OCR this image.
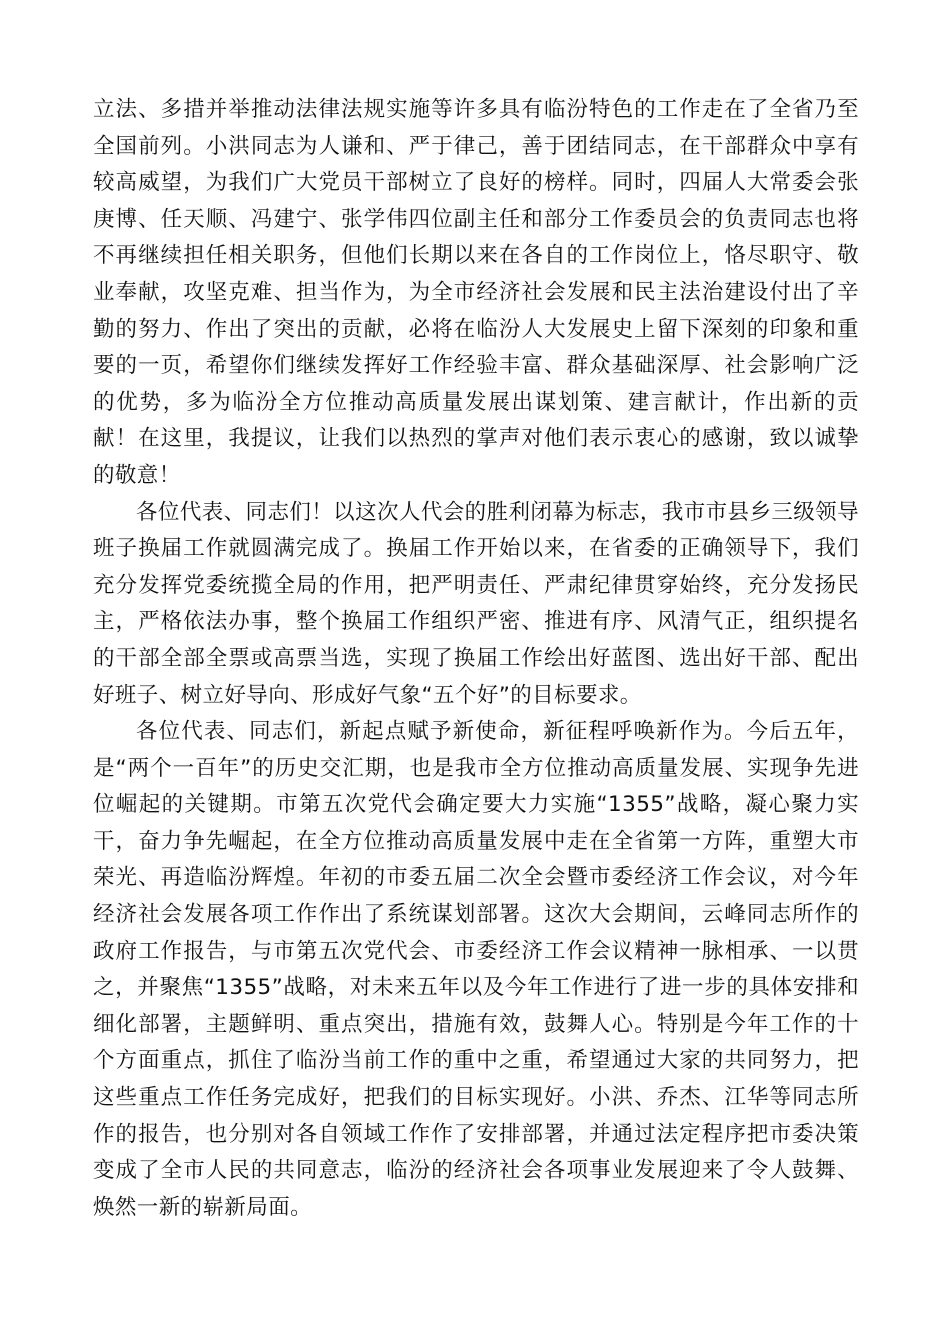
立法、多措并举推动法律法规实施等许多具有临汾特色的工作走在了全省乃至全国前列。小洪同志为人谦和、严于律己，善于团结同志，在干部群众中享有较高威望，为我们广大党员干部树立了良好的榜样。同时，四届人大常委会张庚博、任天顺、冯建宁、张学伟四位副主任和部分工作委员会的负责同志也将不再继续担任相关职务，但他们长期以来在各自的工作岗位上，恪尽职守、敬业奉献，攻坚克难、担当作为，为全市经济社会发展和民主法治建设付出了辛勤的努力、作出了突出的贡献，必将在临汾人大发展史上留下深刻的印象和重要的一页，希望你们继续发挥好工作经验丰富、群众基础深厚、社会影响广泛的优势，多为临汾全方位推动高质量发展出谋划策、建言献计，作出新的贡献！在这里，我提议，让我们以热烈的掌声对他们表示衷心的感谢，致以诚挚的敬意！

各位代表、同志们！以这次人代会的胜利闭幕为标志，我市市县乡三级领导班子换届工作就圆满完成了。换届工作开始以来，在省委的正确领导下，我们充分发挥党委统揽全局的作用，把严明责任、严肃纪律贯穿始终，充分发扬民主，严格依法办事，整个换届工作组织严密、推进有序、风清气正，组织提名的干部全部全票或高票当选，实现了换届工作绘出好蓝图、选出好干部、配出好班子、树立好导向、形成好气象“五个好”的目标要求。

各位代表、同志们，新起点赋予新使命，新征程呼唤新作为。今后五年，是“两个一百年”的历史交汇期，也是我市全方位推动高质量发展、实现争先进位崛起的关键期。市第五次党代会确定要大力实施“1355”战略，凝心聚力实干，奋力争先崛起，在全方位推动高质量发展中走在全省第一方阵，重塑大市荣光、再造临汾辉煌。年初的市委五届二次全会暨市委经济工作会议，对今年经济社会发展各项工作作出了系统谋划部署。这次大会期间，云峰同志所作的政府工作报告，与市第五次党代会、市委经济工作会议精神一脉相承、一以贯之，并聚焦“1355”战略，对未来五年以及今年工作进行了进一步的具体安排和细化部署，主题鲜明、重点突出，措施有效，鼓舞人心。特别是今年工作的十个方面重点，抓住了临汾当前工作的重中之重，希望通过大家的共同努力，把这些重点工作任务完成好，把我们的目标实现好。小洪、乔杰、江华等同志所作的报告，也分别对各自领域工作作了安排部署，并通过法定程序把市委决策变成了全市人民的共同意志，临汾的经济社会各项事业发展迎来了令人鼓舞、焕然一新的崭新局面。
